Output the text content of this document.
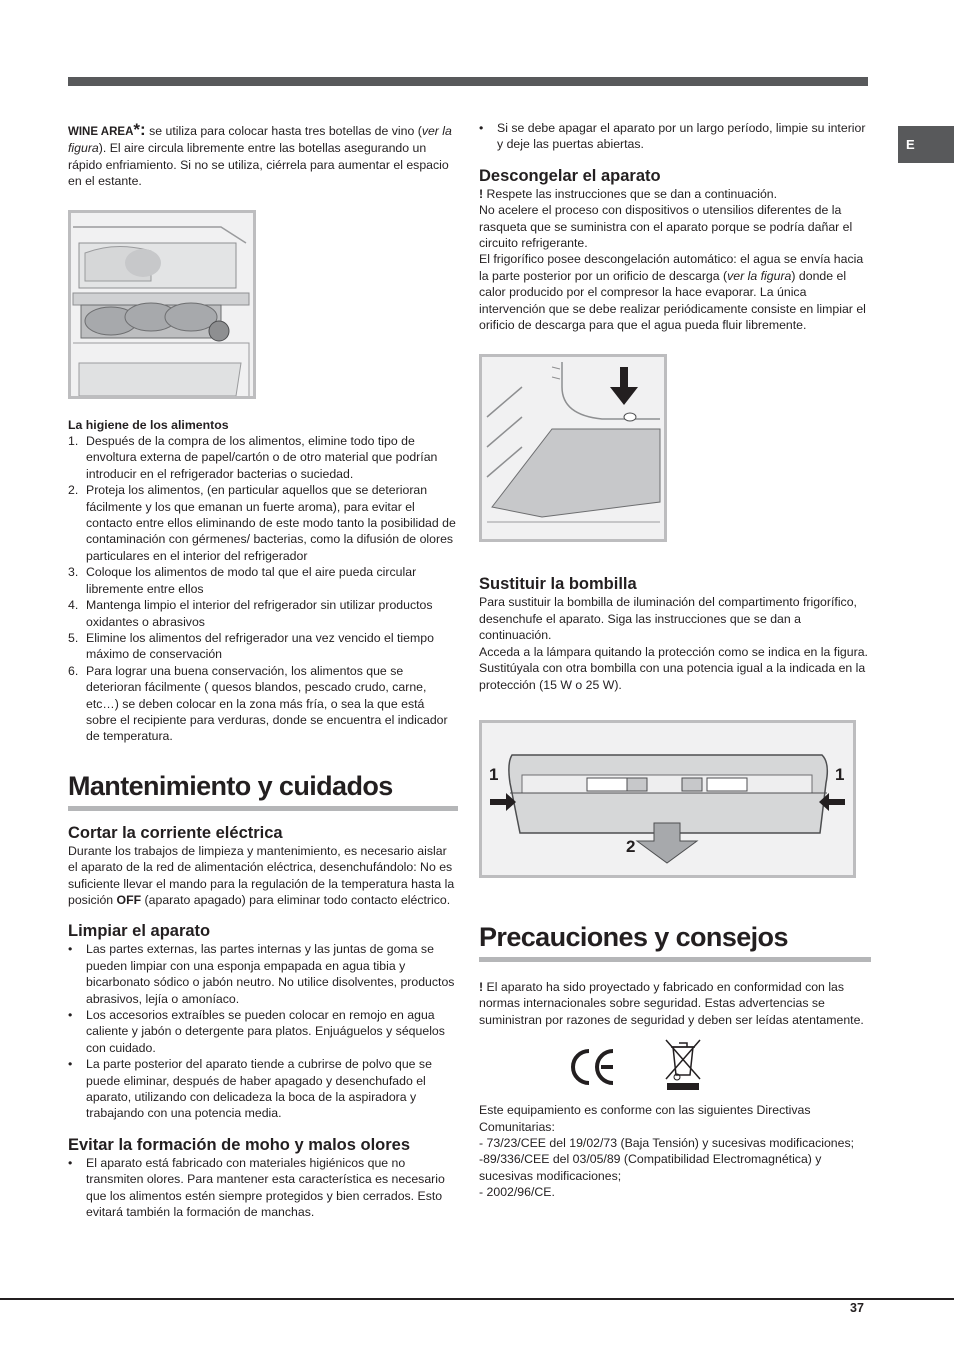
E

WINE AREA*: se utiliza para colocar hasta tres botellas de vino (ver la figura). El aire circula libremente entre las botellas asegurando un rápido enfriamiento. Si no se utiliza, ciérrela para aumentar el espacio en el estante.

La higiene de los alimentos

1. Después de la compra de los alimentos, elimine todo tipo de envoltura externa de papel/cartón o de otro material que podrían introducir en el refrigerador bacterias o suciedad.
2. Proteja los alimentos, (en particular aquellos que se deterioran fácilmente y los que emanan un fuerte aroma), para evitar el contacto entre ellos eliminando de este modo tanto la posibilidad de contaminación con gérmenes/ bacterias, como la difusión de olores particulares en el interior del refrigerador
3. Coloque los alimentos de modo tal que el aire pueda circular libremente entre ellos
4. Mantenga limpio el interior del refrigerador sin utilizar productos oxidantes o abrasivos
5. Elimine los alimentos del refrigerador una vez vencido el tiempo máximo de conservación
6. Para lograr una buena conservación, los alimentos que se deterioran fácilmente ( quesos blandos, pescado crudo, carne, etc…) se deben colocar en la zona más fría, o sea la que está sobre el recipiente para verduras, donde se encuentra el indicador de temperatura.
Mantenimiento y cuidados

Cortar la corriente eléctrica

Durante los trabajos de limpieza y mantenimiento, es necesario aislar el aparato de la red de alimentación eléctrica, desenchufándolo: No es suficiente llevar el mando para la regulación de la temperatura hasta la posición OFF (aparato apagado) para eliminar todo contacto eléctrico.

Limpiar el aparato

• Las partes externas, las partes internas y las juntas de goma se pueden limpiar con una esponja empapada en agua tibia y bicarbonato sódico o jabón neutro. No utilice disolventes, productos abrasivos, lejía o amoníaco.
• Los accesorios extraíbles se pueden colocar en remojo en agua caliente y jabón o detergente para platos. Enjuáguelos y séquelos con cuidado.
• La parte posterior del aparato tiende a cubrirse de polvo que se puede eliminar, después de haber apagado y desenchufado el aparato, utilizando con delicadeza la boca de la aspiradora y trabajando con una potencia media.

Evitar la formación de moho y malos olores

• El aparato está fabricado con materiales higiénicos que no transmiten olores. Para mantener esta característica es necesario que los alimentos estén siempre protegidos y bien cerrados. Esto evitará también la formación de manchas.
• Si se debe apagar el aparato por un largo período, limpie su interior y deje las puertas abiertas.

Descongelar el aparato

! Respete las instrucciones que se dan a continuación.

No acelere el proceso con dispositivos o utensilios diferentes de la rasqueta que se suministra con el aparato porque se podría dañar el circuito refrigerante.

El frigorífico posee descongelación automático: el agua se envía hacia la parte posterior por un orificio de descarga (ver la figura) donde el calor producido por el compresor la hace evaporar. La única intervención que se debe realizar periódicamente consiste en limpiar el orificio de descarga para que el agua pueda fluir libremente.

Sustituir la bombilla

Para sustituir la bombilla de iluminación del compartimento frigorífico, desenchufe el aparato. Siga las instrucciones que se dan a continuación.

Acceda a la lámpara quitando la protección como se indica en la figura. Sustitúyala con otra bombilla con una potencia igual a la indicada en la protección (15 W o 25 W).

1	1
2
Precauciones y consejos

! El aparato ha sido proyectado y fabricado en conformidad con las normas internacionales sobre seguridad. Estas advertencias se suministran por razones de seguridad y deben ser leídas atentamente.

Este equipamiento es conforme con las siguientes Directivas Comunitarias:

- 73/23/CEE del 19/02/73 (Baja Tensión) y sucesivas modificaciones;

-89/336/CEE del 03/05/89 (Compatibilidad Electromagnética) y sucesivas modificaciones;

- 2002/96/CE.

37
